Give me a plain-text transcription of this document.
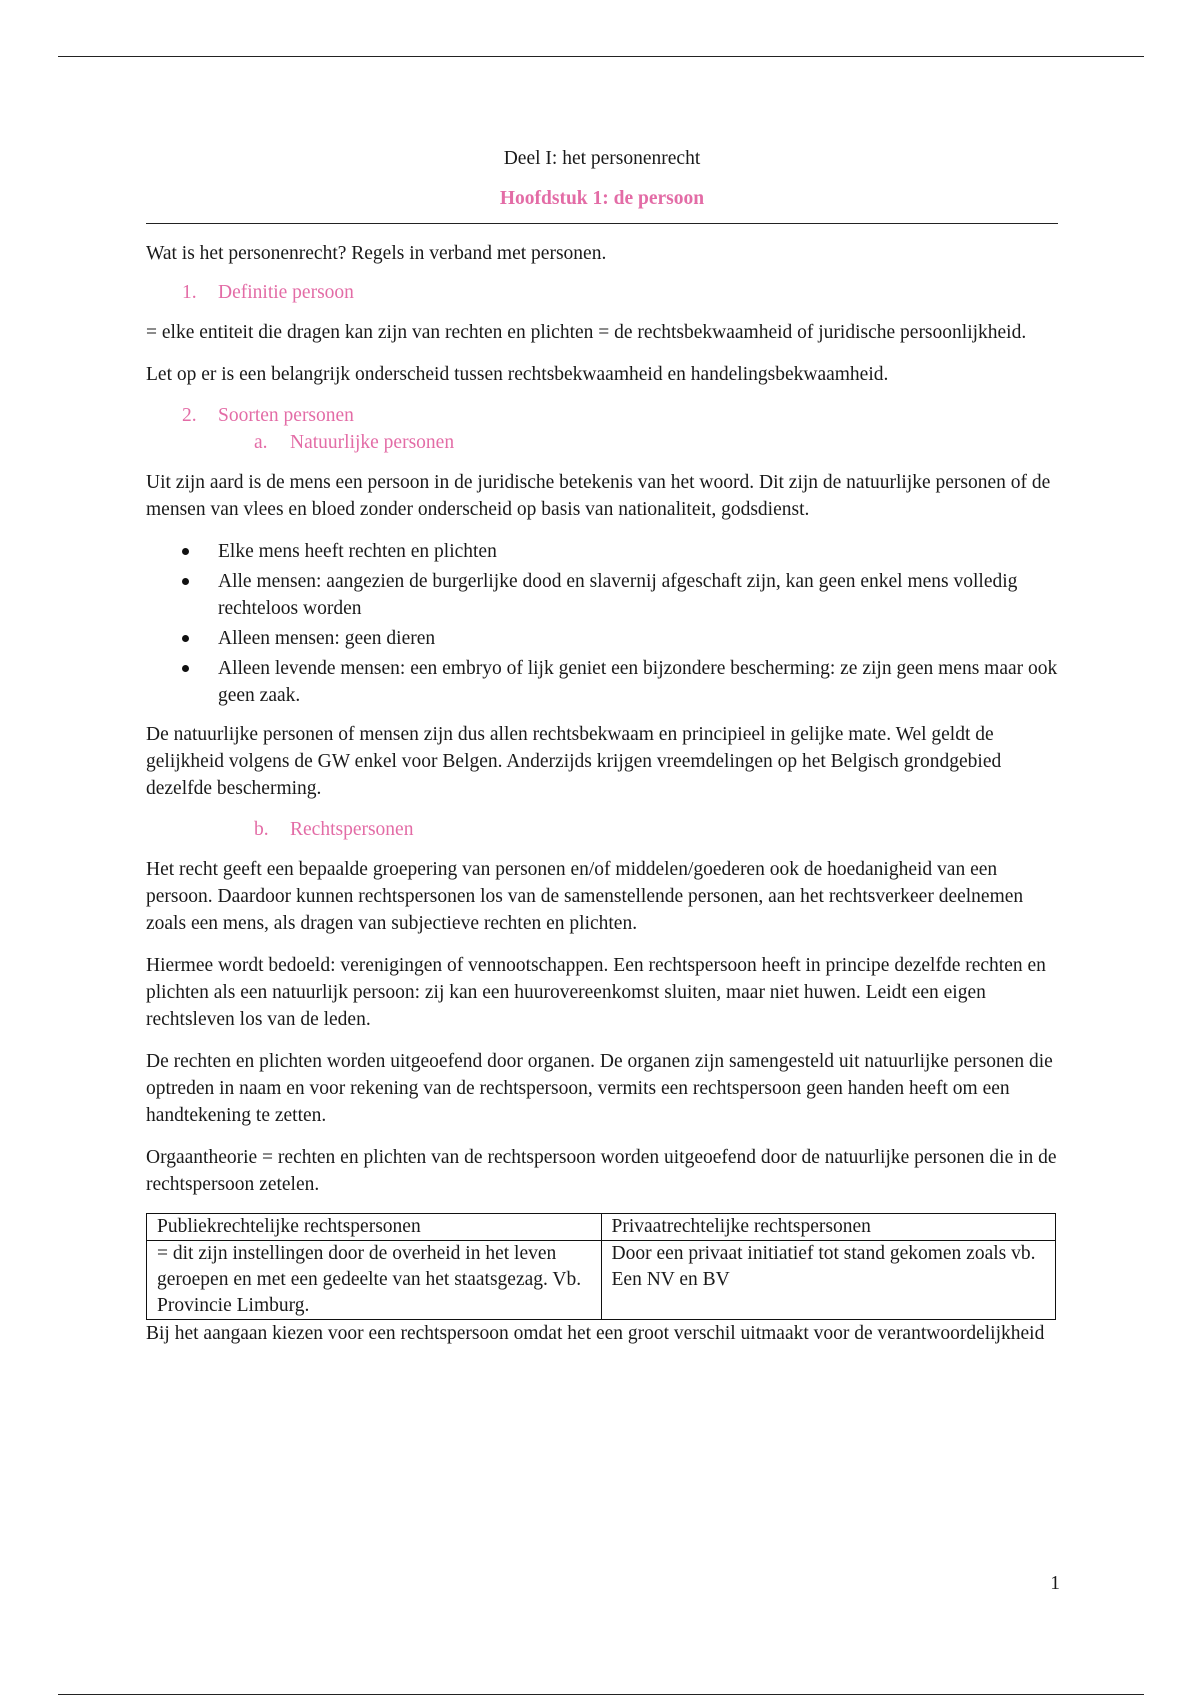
Deel I: het personenrecht

Hoofdstuk 1: de persoon

Wat is het personenrecht? Regels in verband met personen.

1.	Definitie persoon

= elke entiteit die dragen kan zijn van rechten en plichten = de rechtsbekwaamheid of juridische persoonlijkheid.

Let op er is een belangrijk onderscheid tussen rechtsbekwaamheid en handelingsbekwaamheid.

2.	Soorten personen
a.	Natuurlijke personen

Uit zijn aard is de mens een persoon in de juridische betekenis van het woord. Dit zijn de natuurlijke personen of de mensen van vlees en bloed zonder onderscheid op basis van nationaliteit, godsdienst.

Elke mens heeft rechten en plichten
Alle mensen: aangezien de burgerlijke dood en slavernij afgeschaft zijn, kan geen enkel mens volledig rechteloos worden
Alleen mensen: geen dieren
Alleen levende mensen: een embryo of lijk geniet een bijzondere bescherming: ze zijn geen mens maar ook geen zaak.

De natuurlijke personen of mensen zijn dus allen rechtsbekwaam en principieel in gelijke mate. Wel geldt de gelijkheid volgens de GW enkel voor Belgen. Anderzijds krijgen vreemdelingen op het Belgisch grondgebied dezelfde bescherming.

b.	Rechtspersonen

Het recht geeft een bepaalde groepering van personen en/of middelen/goederen ook de hoedanigheid van een persoon. Daardoor kunnen rechtspersonen los van de samenstellende personen, aan het rechtsverkeer deelnemen zoals een mens, als dragen van subjectieve rechten en plichten.

Hiermee wordt bedoeld: verenigingen of vennootschappen. Een rechtspersoon heeft in principe dezelfde rechten en plichten als een natuurlijk persoon: zij kan een huurovereenkomst sluiten, maar niet huwen. Leidt een eigen rechtsleven los van de leden.

De rechten en plichten worden uitgeoefend door organen. De organen zijn samengesteld uit natuurlijke personen die optreden in naam en voor rekening van de rechtspersoon, vermits een rechtspersoon geen handen heeft om een handtekening te zetten.

Orgaantheorie = rechten en plichten van de rechtspersoon worden uitgeoefend door de natuurlijke personen die in de rechtspersoon zetelen.

Publiekrechtelijke rechtspersonen	Privaatrechtelijke rechtspersonen
= dit zijn instellingen door de overheid in het leven geroepen en met een gedeelte van het staatsgezag. Vb. Provincie Limburg.	Door een privaat initiatief tot stand gekomen zoals vb. Een NV en BV

Bij het aangaan kiezen voor een rechtspersoon omdat het een groot verschil uitmaakt voor de verantwoordelijkheid

1
